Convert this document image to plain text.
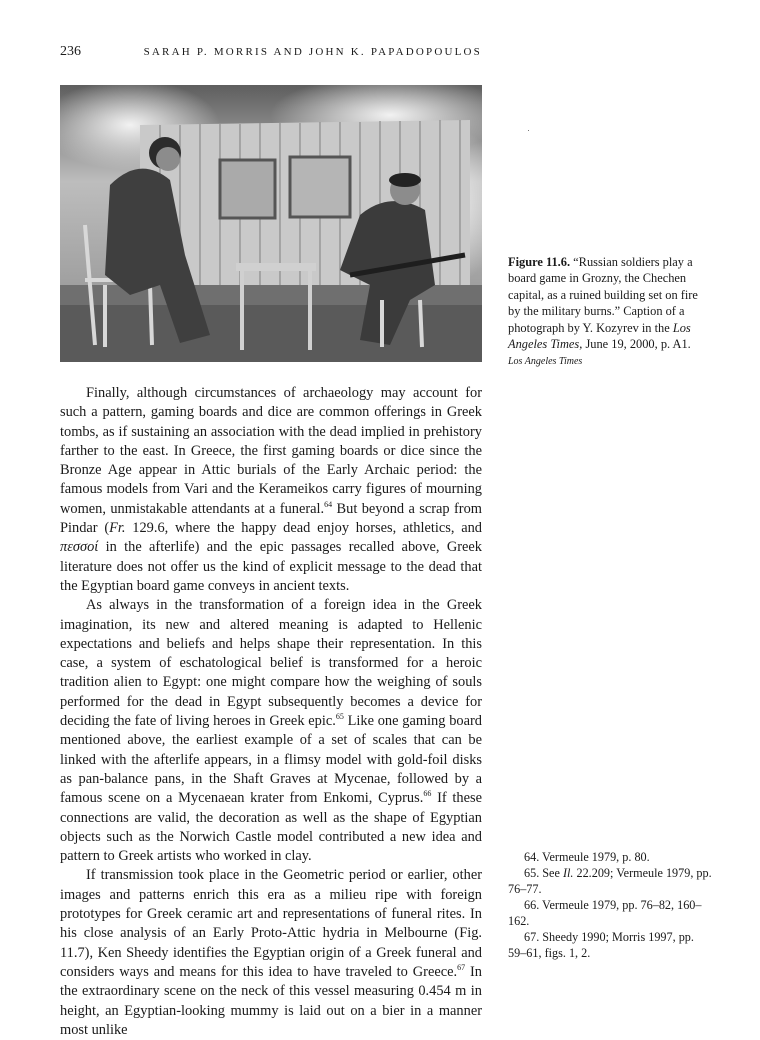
236	SARAH P. MORRIS AND JOHN K. PAPADOPOULOS
Figure 11.6. “Russian soldiers play a board game in Grozny, the Chechen capital, as a ruined building set on fire by the military burns.” Caption of a photograph by Y. Kozyrev in the Los Angeles Times, June 19, 2000, p. A1. Los Angeles Times

Finally, although circumstances of archaeology may account for such a pattern, gaming boards and dice are common offerings in Greek tombs, as if sustaining an association with the dead implied in prehistory farther to the east. In Greece, the first gaming boards or dice since the Bronze Age appear in Attic burials of the Early Archaic period: the famous models from Vari and the Kerameikos carry figures of mourning women, unmistakable attendants at a funeral.$^{64}$ But beyond a scrap from Pindar (Fr. 129.6, where the happy dead enjoy horses, athletics, and πεσσοί in the afterlife) and the epic passages recalled above, Greek literature does not offer us the kind of explicit message to the dead that the Egyptian board game conveys in ancient texts.

As always in the transformation of a foreign idea in the Greek imagination, its new and altered meaning is adapted to Hellenic expectations and beliefs and helps shape their representation. In this case, a system of eschatological belief is transformed for a heroic tradition alien to Egypt: one might compare how the weighing of souls performed for the dead in Egypt subsequently becomes a device for deciding the fate of living heroes in Greek epic.$^{65}$ Like one gaming board mentioned above, the earliest example of a set of scales that can be linked with the afterlife appears, in a flimsy model with gold-foil disks as pan-balance pans, in the Shaft Graves at Mycenae, followed by a famous scene on a Mycenaean krater from Enkomi, Cyprus.$^{66}$ If these connections are valid, the decoration as well as the shape of Egyptian objects such as the Norwich Castle model contributed a new idea and pattern to Greek artists who worked in clay.

If transmission took place in the Geometric period or earlier, other images and patterns enrich this era as a milieu ripe with foreign prototypes for Greek ceramic art and representations of funeral rites. In his close analysis of an Early Proto-Attic hydria in Melbourne (Fig. 11.7), Ken Sheedy identifies the Egyptian origin of a Greek funeral and considers ways and means for this idea to have traveled to Greece.$^{67}$ In the extraordinary scene on the neck of this vessel measuring 0.454 m in height, an Egyptian-looking mummy is laid out on a bier in a manner most unlike

64. Vermeule 1979, p. 80.

65. See Il. 22.209; Vermeule 1979, pp. 76–77.

66. Vermeule 1979, pp. 76–82, 160–162.

67. Sheedy 1990; Morris 1997, pp. 59–61, figs. 1, 2.
